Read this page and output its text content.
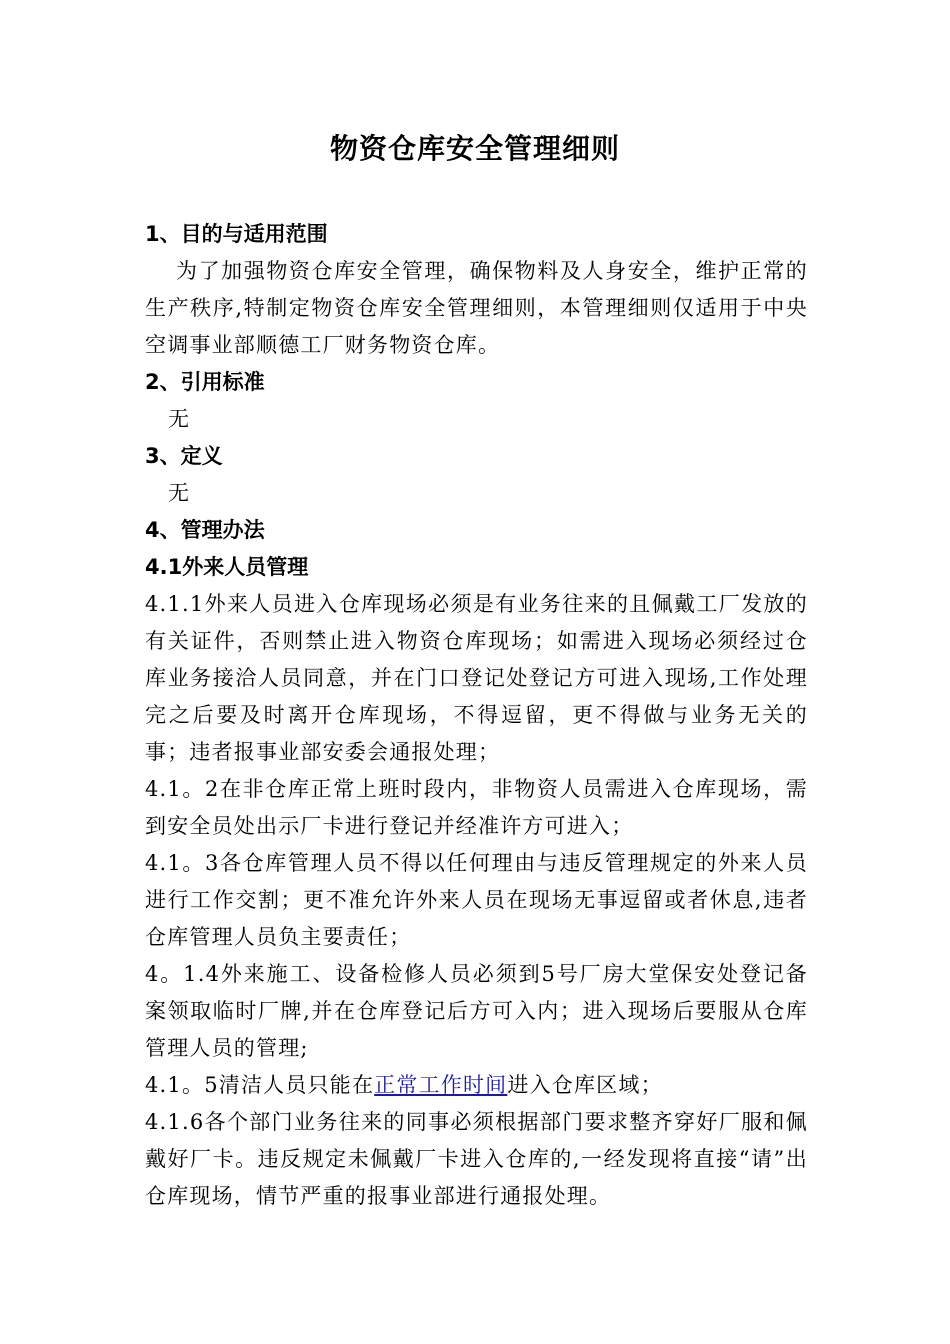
物资仓库安全管理细则

1、目的与适用范围

为了加强物资仓库安全管理，确保物料及人身安全，维护正常的生产秩序,特制定物资仓库安全管理细则，本管理细则仅适用于中央空调事业部顺德工厂财务物资仓库。

2、引用标准

无

3、定义

无

4、管理办法

4.1外来人员管理

4.1.1外来人员进入仓库现场必须是有业务往来的且佩戴工厂发放的有关证件，否则禁止进入物资仓库现场；如需进入现场必须经过仓库业务接洽人员同意，并在门口登记处登记方可进入现场,工作处理完之后要及时离开仓库现场，不得逗留，更不得做与业务无关的事；违者报事业部安委会通报处理；

4.1。2在非仓库正常上班时段内，非物资人员需进入仓库现场，需到安全员处出示厂卡进行登记并经准许方可进入；

4.1。3各仓库管理人员不得以任何理由与违反管理规定的外来人员进行工作交割；更不准允许外来人员在现场无事逗留或者休息,违者仓库管理人员负主要责任；

4。1.4外来施工、设备检修人员必须到5号厂房大堂保安处登记备案领取临时厂牌,并在仓库登记后方可入内；进入现场后要服从仓库管理人员的管理;

4.1。5清洁人员只能在正常工作时间进入仓库区域；

4.1.6各个部门业务往来的同事必须根据部门要求整齐穿好厂服和佩戴好厂卡。违反规定未佩戴厂卡进入仓库的,一经发现将直接“请”出仓库现场，情节严重的报事业部进行通报处理。
